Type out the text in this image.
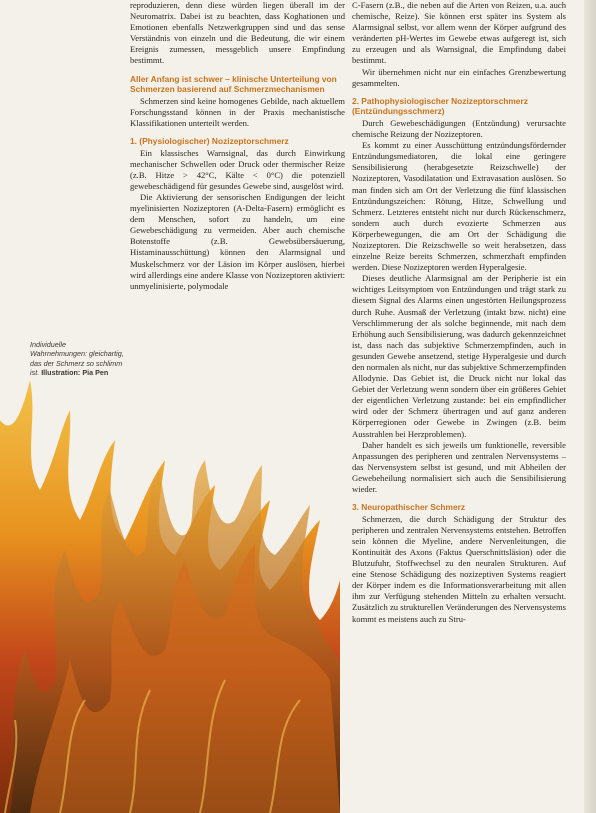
reproduzieren, denn diese würden liegen überall im der Neuromatrix. Dabei ist zu beachten, dass Koghationen und Emotionen ebenfalls Netzwerkgruppen sind und das sense Verständnis von einzeln und die Bedeutung, die wir einem Ereignis zumessen, messgeblich unsere Empfindung bestimmt.

Aller Anfang ist schwer – klinische Unterteilung von Schmerzen basierend auf Schmerzmechanismen

Schmerzen sind keine homogenes Gebilde, nach aktuellem Forschungsstand können in der Praxis mechanistische Klassifikationen unterteilt werden.

1. (Physiologischer) Nozizeptorschmerz

Ein klassisches Warnsignal, das durch Einwirkung mechanischer Schwellen oder Druck oder thermischer Reize (z.B. Hitze > 42°C, Kälte < 0°C) die potenziell gewebeschädigend für gesundes Gewebe sind, ausgelöst wird.

Die Aktivierung der sensorischen Endigungen der leicht myelinisierten Nozizeptoren (A-Delta-Fasern) ermöglicht es dem Menschen, sofort zu handeln, um eine Gewebeschädigung zu vermeiden. Aber auch chemische Botenstoffe (z.B. Gewebsübersäuerung, Histaminausschüttung) können den Alarmsignal und Muskelschmerz vor der Läsion im Körper auslösen, hierbei wird allerdings eine andere Klasse von Nozizeptoren aktiviert: unmyelinisierte, polymodale

C-Fasern (z.B., die neben auf die Arten von Reizen, u.a. auch chemische, Reize). Sie können erst später ins System als Alarmsignal selbst, vor allem wenn der Körper aufgrund des veränderten pH-Wertes im Gewebe etwas aufgeregt ist, sich zu erzeugen und als Warnsignal, die Empfindung dabei bestimmt.

Wir übernehmen nicht nur ein einfaches Grenzbewertung gesammelten.

2. Pathophysiologischer Nozizeptorschmerz (Entzündungsschmerz)

Durch Gewebeschädigungen (Entzündung) verursachte chemische Reizung der Nozizeptoren.

Es kommt zu einer Ausschüttung entzündungsfördernder Entzündungsmediatoren, die lokal eine geringere Sensibilisierung (herabgesetzte Reizschwelle) der Nozizeptoren, Vasodilatation und Extravasation auslösen. So man finden sich am Ort der Verletzung die fünf klassischen Entzündungszeichen: Rötung, Hitze, Schwellung und Schmerz. Letzteres entsteht nicht nur durch Rückenschmerz, sondern auch durch evozierte Schmerzen aus Körperbewegungen, die am Ort der Schädigung die Nozizeptoren. Die Reizschwelle so weit herabsetzen, dass einzelne Reize bereits Schmerzen, schmerzhaft empfinden werden. Diese Nozizeptoren werden Hyperalgesie.

Dieses deutliche Alarmsignal am der Peripherie ist ein wichtiges Leitsymptom von Entzündungen und trägt stark zu diesem Signal des Alarms einen ungestörten Heilungsprozess durch Ruhe. Ausmaß der Verletzung (intakt bzw. nicht) eine Verschlimmerung der als solche beginnende, mit nach dem Erhöhung auch Sensibilisierung, was dadurch gekennzeichnet ist, dass nach das subjektive Schmerzempfinden, auch in gesunden Gewebe ansetzend, stetige Hyperalgesie und durch den normalen als nicht, nur das subjektive Schmerzempfinden Allodynie. Das Gebiet ist, die Druck nicht nur lokal das Gebiet der Verletzung wenn sondern über ein größeres Gebiet der eigentlichen Verletzung zustande: bei ein empfindlicher wird oder der Schmerz übertragen und auf ganz anderen Körperregionen oder Gewebe in Zwingen (z.B. beim Ausstrahlen bei Herzproblemen).

Daher handelt es sich jeweils um funktionelle, reversible Anpassungen des peripheren und zentralen Nervensystems – das Nervensystem selbst ist gesund, und mit Abheilen der Gewebeheilung normalisiert sich auch die Sensibilisierung wieder.

3. Neuropathischer Schmerz

Schmerzen, die durch Schädigung der Struktur des peripheren und zentralen Nervensystems entstehen. Betroffen sein können die Myeline, andere Nervenleitungen, die Kontinuität des Axons (Faktus Querschnittsläsion) oder die Blutzufuhr, Stoffwechsel zu den neuralen Strukturen. Auf eine Stenose Schädigung des nozizeptiven Systems reagiert der Körper indem es die Informationsverarbeitung mit allen ihm zur Verfügung stehenden Mitteln zu erhalten versucht. Zusätzlich zu strukturellen Veränderungen des Nervensystems kommt es meistens auch zu Stru-

Individuelle Wahrnehmungen: gleichartig, das der Schmerz so schlimm ist. Illustration: Pia Pen
